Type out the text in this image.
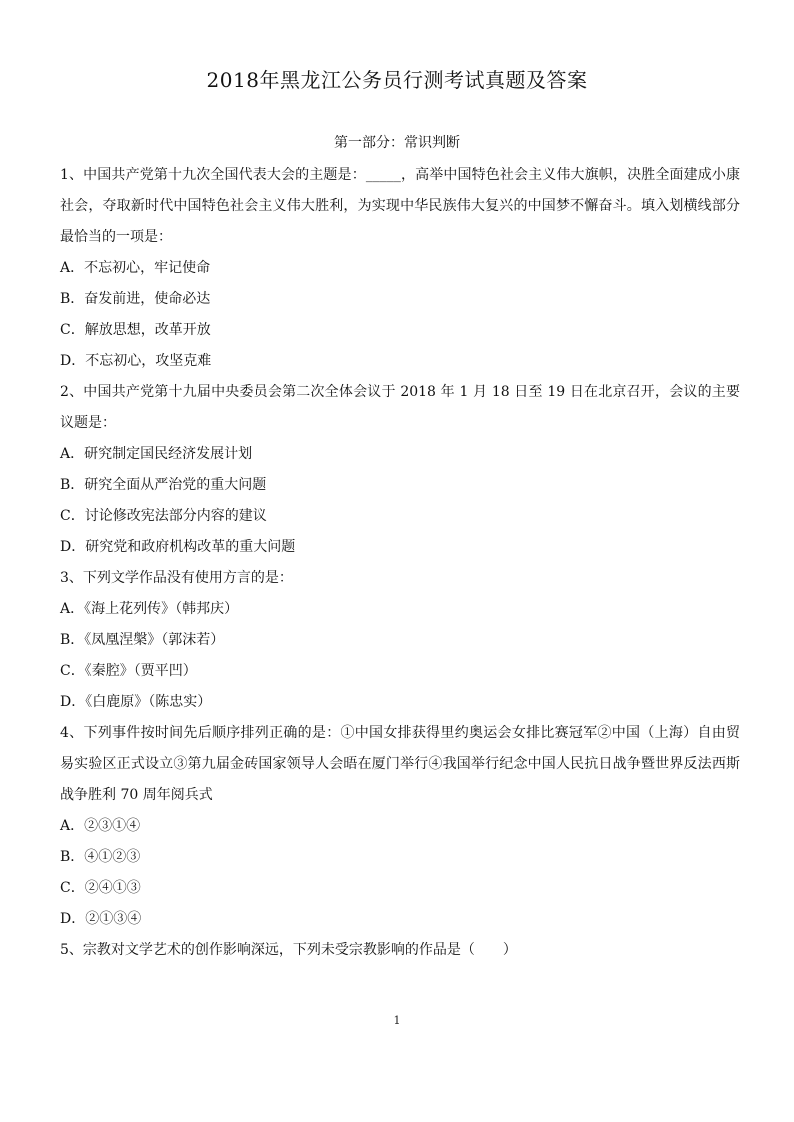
2018年黑龙江公务员行测考试真题及答案
第一部分：常识判断

1、中国共产党第十九次全国代表大会的主题是：_____，高举中国特色社会主义伟大旗帜，决胜全面建成小康社会，夺取新时代中国特色社会主义伟大胜利，为实现中华民族伟大复兴的中国梦不懈奋斗。填入划横线部分最恰当的一项是：

A．不忘初心，牢记使命

B．奋发前进，使命必达

C．解放思想，改革开放

D．不忘初心，攻坚克难

2、中国共产党第十九届中央委员会第二次全体会议于 2018 年 1 月 18 日至 19 日在北京召开，会议的主要议题是：

A．研究制定国民经济发展计划

B．研究全面从严治党的重大问题

C．讨论修改宪法部分内容的建议

D．研究党和政府机构改革的重大问题

3、下列文学作品没有使用方言的是：

A．《海上花列传》（韩邦庆）

B．《凤凰涅槃》（郭沫若）

C．《秦腔》（贾平凹）

D．《白鹿原》（陈忠实）

4、下列事件按时间先后顺序排列正确的是：①中国女排获得里约奥运会女排比赛冠军②中国（上海）自由贸易实验区正式设立③第九届金砖国家领导人会晤在厦门举行④我国举行纪念中国人民抗日战争暨世界反法西斯战争胜利 70 周年阅兵式

A．②③①④

B．④①②③

C．②④①③

D．②①③④

5、宗教对文学艺术的创作影响深远，下列未受宗教影响的作品是（　　）

1
